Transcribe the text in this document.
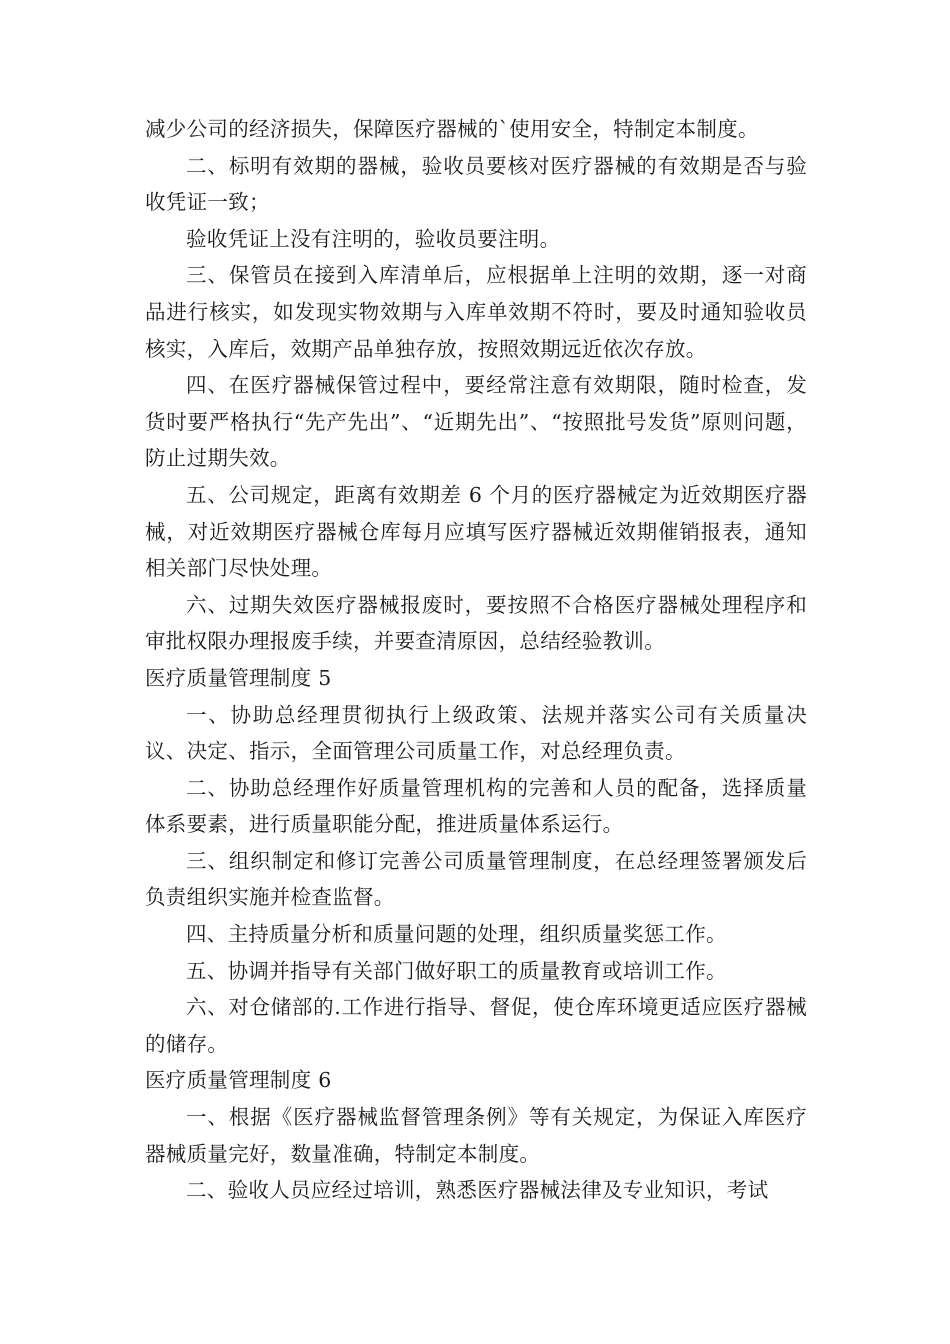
减少公司的经济损失，保障医疗器械的`使用安全，特制定本制度。

二、标明有效期的器械，验收员要核对医疗器械的有效期是否与验收凭证一致；

验收凭证上没有注明的，验收员要注明。

三、保管员在接到入库清单后，应根据单上注明的效期，逐一对商品进行核实，如发现实物效期与入库单效期不符时，要及时通知验收员核实，入库后，效期产品单独存放，按照效期远近依次存放。

四、在医疗器械保管过程中，要经常注意有效期限，随时检查，发货时要严格执行“先产先出”、“近期先出”、“按照批号发货”原则问题，防止过期失效。

五、公司规定，距离有效期差 6 个月的医疗器械定为近效期医疗器械，对近效期医疗器械仓库每月应填写医疗器械近效期催销报表，通知相关部门尽快处理。

六、过期失效医疗器械报废时，要按照不合格医疗器械处理程序和审批权限办理报废手续，并要查清原因，总结经验教训。

医疗质量管理制度 5

一、协助总经理贯彻执行上级政策、法规并落实公司有关质量决议、决定、指示，全面管理公司质量工作，对总经理负责。

二、协助总经理作好质量管理机构的完善和人员的配备，选择质量体系要素，进行质量职能分配，推进质量体系运行。

三、组织制定和修订完善公司质量管理制度，在总经理签署颁发后负责组织实施并检查监督。

四、主持质量分析和质量问题的处理，组织质量奖惩工作。

五、协调并指导有关部门做好职工的质量教育或培训工作。

六、对仓储部的.工作进行指导、督促，使仓库环境更适应医疗器械的储存。

医疗质量管理制度 6

一、根据《医疗器械监督管理条例》等有关规定，为保证入库医疗器械质量完好，数量准确，特制定本制度。

二、验收人员应经过培训，熟悉医疗器械法律及专业知识，考试
